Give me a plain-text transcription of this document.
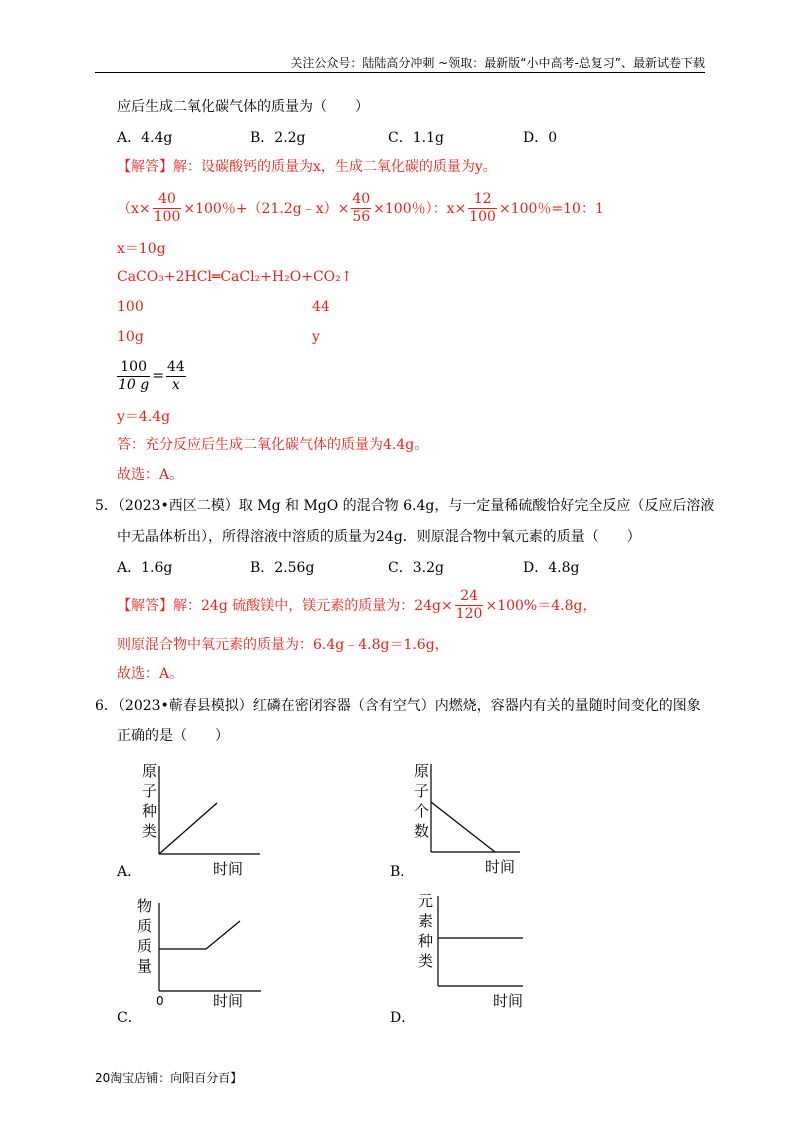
关注公众号：陆陆高分冲刺 ~领取：最新版“小中高考-总复习”、最新试卷下载
应后生成二氧化碳气体的质量为（　　）
A．4.4g	B．2.2g	C．1.1g	D．0
【解答】解：设碳酸钙的质量为x，生成二氧化碳的质量为y。
（$x\times \frac{40}{100} \times 100$％+（21.2g﹣x）× $\frac{40}{56} \times 100$％）：$x\times \frac{12}{100} \times 100$％=10：1
x＝10g
CaCO₃+2HCl═CaCl₂+H₂O+CO₂↑
100	44
10g	y
$\frac{100}{10 g} = \frac{44}{x}$
y＝4.4g
答：充分反应后生成二氧化碳气体的质量为4.4g。
故选：A。
5．（2023•西区二模）取 Mg 和 MgO 的混合物 6.4g，与一定量稀硫酸恰好完全反应（反应后溶液
中无晶体析出），所得溶液中溶质的质量为24g．则原混合物中氧元素的质量（　　）
A．1.6g	B．2.56g	C．3.2g	D．4.8g
【解答】解：24g 硫酸镁中，镁元素的质量为：$24g\times \frac{24}{120} \times 100\%=4.8g$，
则原混合物中氧元素的质量为：6.4g﹣4.8g＝1.6g，
故选：A。
6．（2023•蕲春县模拟）红磷在密闭容器（含有空气）内燃烧，容器内有关的量随时间变化的图象
正确的是（　　）
原
子
种
类
时间
A．
原
子
个
数
时间
B．
物
质
质
量
0	时间
C．
元
素
种
类
时间
D．
20淘宝店铺：向阳百分百】
